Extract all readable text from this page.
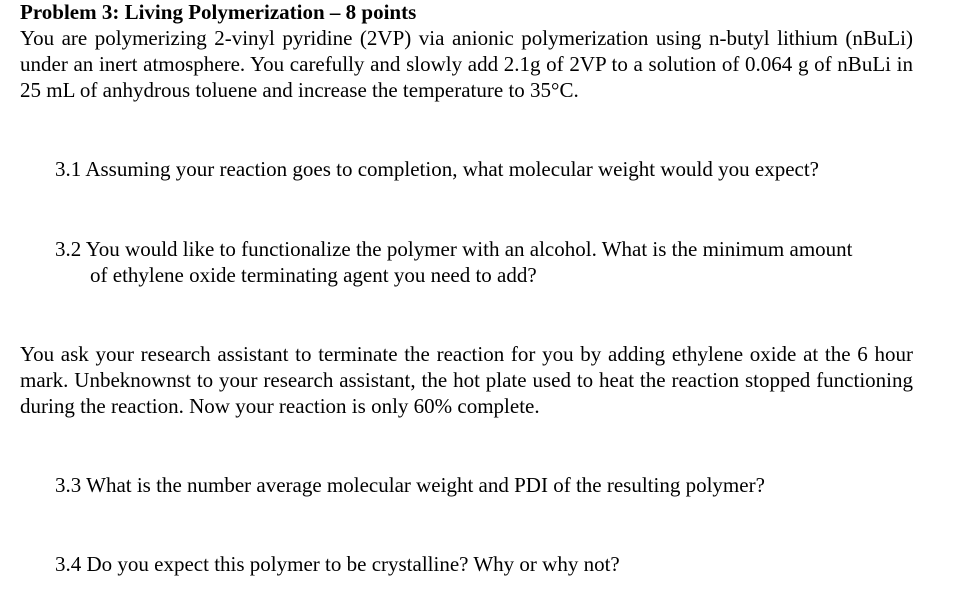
Problem 3: Living Polymerization – 8 points
You are polymerizing 2-vinyl pyridine (2VP) via anionic polymerization using n-butyl lithium (nBuLi) under an inert atmosphere. You carefully and slowly add 2.1g of 2VP to a solution of 0.064 g of nBuLi in 25 mL of anhydrous toluene and increase the temperature to 35°C.
3.1 Assuming your reaction goes to completion, what molecular weight would you expect?
3.2 You would like to functionalize the polymer with an alcohol. What is the minimum amount
of ethylene oxide terminating agent you need to add?
You ask your research assistant to terminate the reaction for you by adding ethylene oxide at the 6 hour mark. Unbeknownst to your research assistant, the hot plate used to heat the reaction stopped functioning during the reaction. Now your reaction is only 60% complete.
3.3 What is the number average molecular weight and PDI of the resulting polymer?
3.4 Do you expect this polymer to be crystalline? Why or why not?
